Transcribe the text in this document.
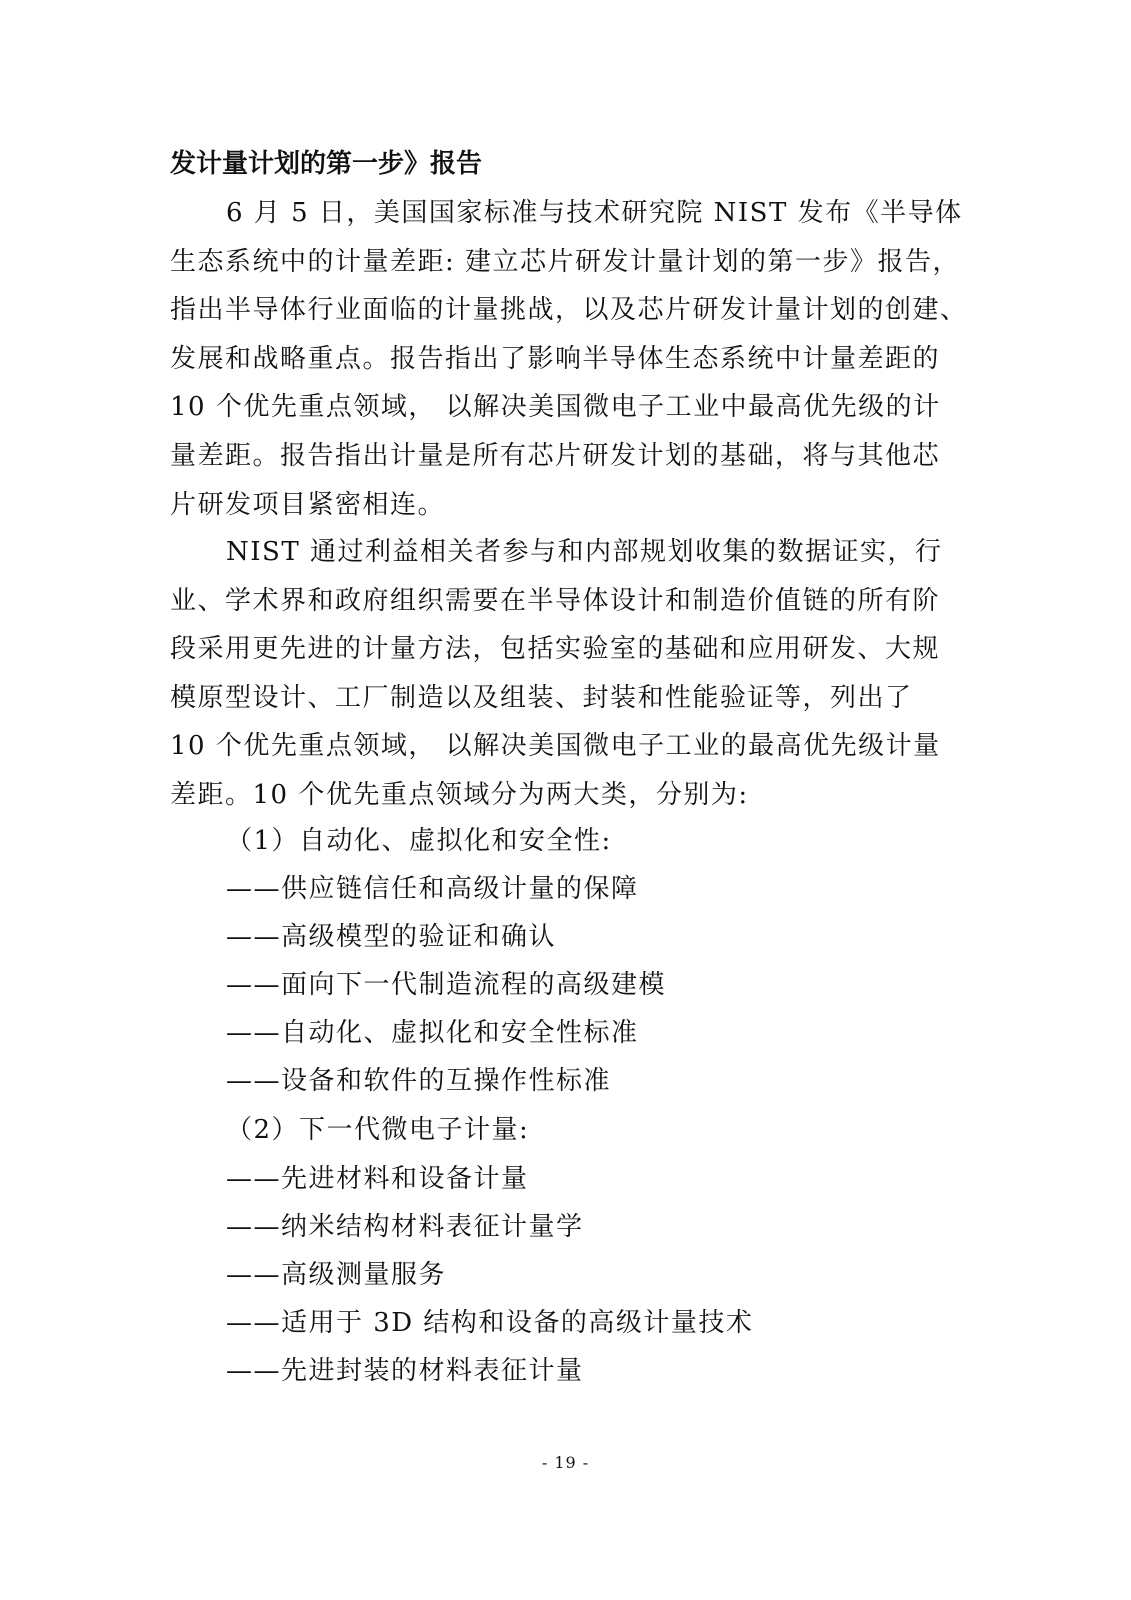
发计量计划的第一步》报告

6 月 5 日，美国国家标准与技术研究院 NIST 发布《半导体
生态系统中的计量差距: 建立芯片研发计量计划的第一步》报告，
指出半导体行业面临的计量挑战，以及芯片研发计量计划的创建、
发展和战略重点。报告指出了影响半导体生态系统中计量差距的
10 个优先重点领域， 以解决美国微电子工业中最高优先级的计
量差距。报告指出计量是所有芯片研发计划的基础，将与其他芯
片研发项目紧密相连。

NIST 通过利益相关者参与和内部规划收集的数据证实，行
业、学术界和政府组织需要在半导体设计和制造价值链的所有阶
段采用更先进的计量方法，包括实验室的基础和应用研发、大规
模原型设计、工厂制造以及组装、封装和性能验证等，列出了
10 个优先重点领域， 以解决美国微电子工业的最高优先级计量
差距。10 个优先重点领域分为两大类，分别为:

（1）自动化、虚拟化和安全性:
——供应链信任和高级计量的保障
——高级模型的验证和确认
——面向下一代制造流程的高级建模
——自动化、虚拟化和安全性标准
——设备和软件的互操作性标准
（2）下一代微电子计量:
——先进材料和设备计量
——纳米结构材料表征计量学
——高级测量服务
——适用于 3D 结构和设备的高级计量技术
——先进封装的材料表征计量
- 19 -
